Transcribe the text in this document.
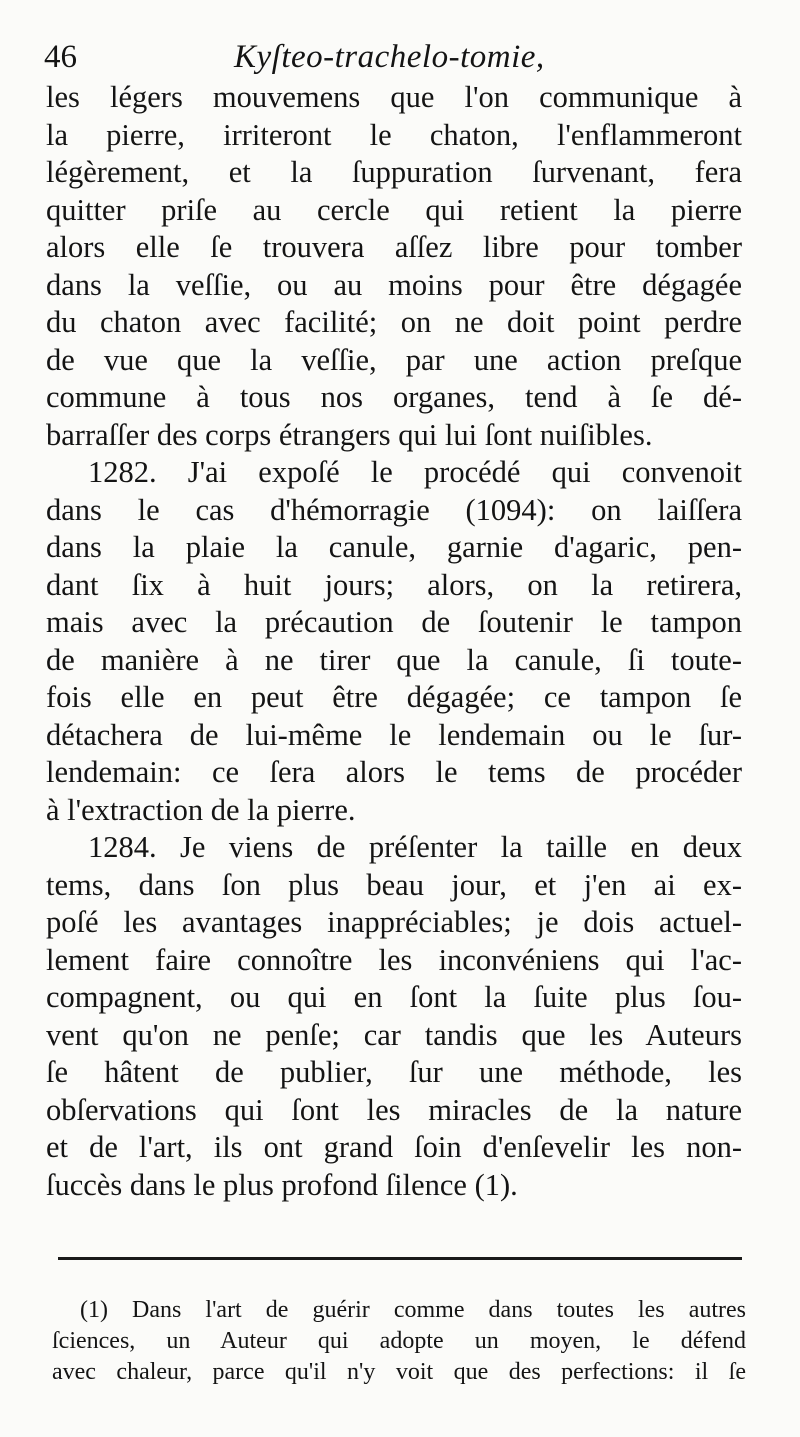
46	Kyſteo-trachelo-tomie,
les légers mouvemens que l'on communique à
la pierre, irriteront le chaton, l'enflammeront
légèrement, et la ſuppuration ſurvenant, fera
quitter priſe au cercle qui retient la pierre
alors elle ſe trouvera aſſez libre pour tomber
dans la veſſie, ou au moins pour être dégagée
du chaton avec facilité; on ne doit point perdre
de vue que la veſſie, par une action preſque
commune à tous nos organes, tend à ſe dé-
barraſſer des corps étrangers qui lui ſont nuiſibles.
1282. J'ai expoſé le procédé qui convenoit
dans le cas d'hémorragie (1094): on laiſſera
dans la plaie la canule, garnie d'agaric, pen-
dant ſix à huit jours; alors, on la retirera,
mais avec la précaution de ſoutenir le tampon
de manière à ne tirer que la canule, ſi toute-
fois elle en peut être dégagée; ce tampon ſe
détachera de lui-même le lendemain ou le ſur-
lendemain: ce ſera alors le tems de procéder
à l'extraction de la pierre.
1284. Je viens de préſenter la taille en deux
tems, dans ſon plus beau jour, et j'en ai ex-
poſé les avantages inappréciables; je dois actuel-
lement faire connoître les inconvéniens qui l'ac-
compagnent, ou qui en ſont la ſuite plus ſou-
vent qu'on ne penſe; car tandis que les Auteurs
ſe hâtent de publier, ſur une méthode, les
obſervations qui ſont les miracles de la nature
et de l'art, ils ont grand ſoin d'enſevelir les non-
ſuccès dans le plus profond ſilence (1).
(1) Dans l'art de guérir comme dans toutes les autres
ſciences, un Auteur qui adopte un moyen, le défend
avec chaleur, parce qu'il n'y voit que des perfections: il ſe
